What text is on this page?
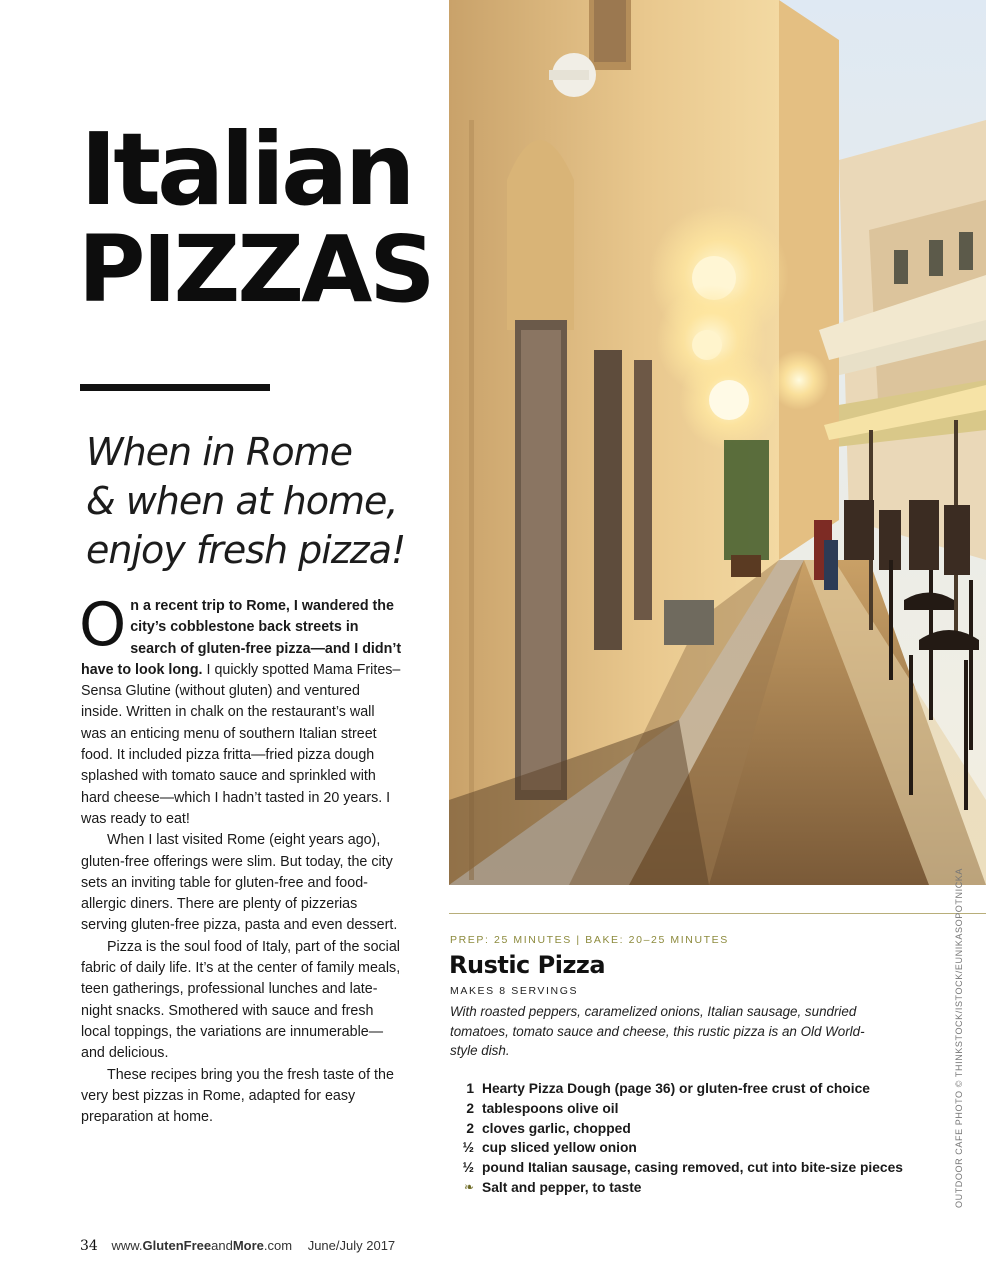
Italian
PIZZAS

When in Rome
& when at home,
enjoy fresh pizza!

On a recent trip to Rome, I wandered the city’s cobblestone back streets in search of gluten-free pizza—and I didn’t have to look long. I quickly spotted Mama Frites–Sensa Glutine (without gluten) and ventured inside. Written in chalk on the restaurant’s wall was an enticing menu of southern Italian street food. It included pizza fritta—fried pizza dough splashed with tomato sauce and sprinkled with hard cheese—which I hadn’t tasted in 20 years. I was ready to eat!

When I last visited Rome (eight years ago), gluten-free offerings were slim. But today, the city sets an inviting table for gluten-free and food-allergic diners. There are plenty of pizzerias serving gluten-free pizza, pasta and even dessert.

Pizza is the soul food of Italy, part of the social fabric of daily life. It’s at the center of family meals, teen gatherings, professional lunches and late-night snacks. Smothered with sauce and fresh local toppings, the variations are innumerable—and delicious.

These recipes bring you the fresh taste of the very best pizzas in Rome, adapted for easy preparation at home.

PREP: 25 MINUTES | BAKE: 20–25 MINUTES
Rustic Pizza
MAKES 8 SERVINGS

With roasted peppers, caramelized onions, Italian sausage, sundried tomatoes, tomato sauce and cheese, this rustic pizza is an Old World-style dish.

1 Hearty Pizza Dough (page 36) or gluten-free crust of choice
2 tablespoons olive oil
2 cloves garlic, chopped
½ cup sliced yellow onion
½ pound Italian sausage, casing removed, cut into bite-size pieces
❧ Salt and pepper, to taste	OUTDOOR CAFE PHOTO © THINKSTOCK/ISTOCK/EUNIKASOPOTNICKA
34 www.GlutenFreeandMore.com June/July 2017
